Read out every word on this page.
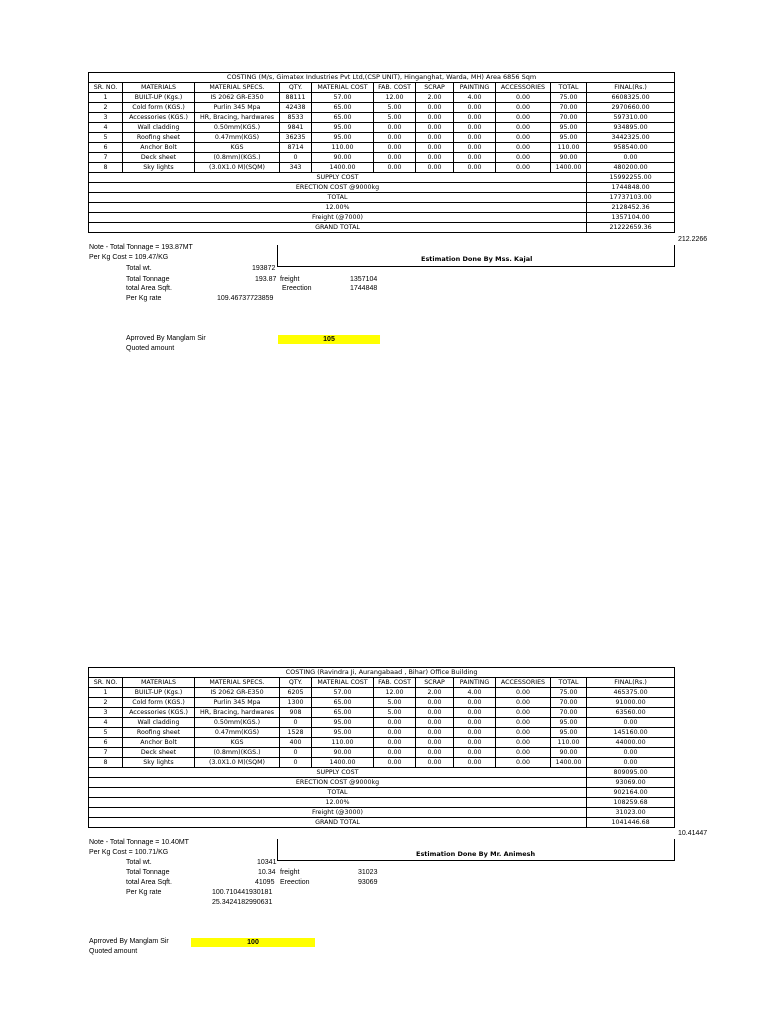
COSTING (M/s, Gimatex Industries Pvt Ltd,(CSP UNIT), Hinganghat, Warda, MH) Area 6856 Sqm										
SR. NO.	MATERIALS	MATERIAL SPECS.	QTY.	MATERIAL COST	FAB. COST	SCRAP	PAINTING	ACCESSORIES	TOTAL	FINAL(Rs.)
1	BUILT-UP (Kgs.)	IS 2062 GR-E350	88111	57.00	12.00	2.00	4.00	0.00	75.00	6608325.00
2	Cold form (KGS.)	Purlin 345 Mpa	42438	65.00	5.00	0.00	0.00	0.00	70.00	2970660.00
3	Accessories (KGS.)	HR, Bracing, hardwares	8533	65.00	5.00	0.00	0.00	0.00	70.00	597310.00
4	Wall cladding	0.50mm(KGS.)	9841	95.00	0.00	0.00	0.00	0.00	95.00	934895.00
5	Roofing sheet	0.47mm(KGS)	36235	95.00	0.00	0.00	0.00	0.00	95.00	3442325.00
6	Anchor Bolt	KGS	8714	110.00	0.00	0.00	0.00	0.00	110.00	958540.00
7	Deck sheet	(0.8mm)(KGS.)	0	90.00	0.00	0.00	0.00	0.00	90.00	0.00
8	Sky lights	(3.0X1.0 M)(SQM)	343	1400.00	0.00	0.00	0.00	0.00	1400.00	480200.00
SUPPLY COST										15992255.00
ERECTION COST @9000kg										1744848.00
TOTAL										17737103.00
12.00%										2128452.36
Freight (@7000)										1357104.00
GRAND TOTAL										21222659.36
212.2266
Note - Total Tonnage = 193.87MT
Per Kg Cost = 109.47/KG	Estimation Done By Mss. Kajal
Total wt.	193872
Total Tonnage	193.87 freight	1357104
total Area Sqft.	Ereection	1744848
Per Kg rate	109.46737723859
Aprroved By Manglam Sir	105
Quoted amount
COSTING (Ravindra Ji, Aurangabaad , Bihar) Office Building										
SR. NO.	MATERIALS	MATERIAL SPECS.	QTY.	MATERIAL COST	FAB. COST	SCRAP	PAINTING	ACCESSORIES	TOTAL	FINAL(Rs.)
1	BUILT-UP (Kgs.)	IS 2062 GR-E350	6205	57.00	12.00	2.00	4.00	0.00	75.00	465375.00
2	Cold form (KGS.)	Purlin 345 Mpa	1300	65.00	5.00	0.00	0.00	0.00	70.00	91000.00
3	Accessories (KGS.)	HR, Bracing, hardwares	908	65.00	5.00	0.00	0.00	0.00	70.00	63560.00
4	Wall cladding	0.50mm(KGS.)	0	95.00	0.00	0.00	0.00	0.00	95.00	0.00
5	Roofing sheet	0.47mm(KGS)	1528	95.00	0.00	0.00	0.00	0.00	95.00	145160.00
6	Anchor Bolt	KGS	400	110.00	0.00	0.00	0.00	0.00	110.00	44000.00
7	Deck sheet	(0.8mm)(KGS.)	0	90.00	0.00	0.00	0.00	0.00	90.00	0.00
8	Sky lights	(3.0X1.0 M)(SQM)	0	1400.00	0.00	0.00	0.00	0.00	1400.00	0.00
SUPPLY COST										809095.00
ERECTION COST @9000kg										93069.00
TOTAL										902164.00
12.00%										108259.68
Freight (@3000)										31023.00
GRAND TOTAL										1041446.68
10.41447
Note - Total Tonnage = 10.40MT
Per Kg Cost = 100.71/KG	Estimation Done By Mr. Animesh
Total wt.	10341
Total Tonnage	10.34 freight	31023
total Area Sqft.	41095 Ereection	93069
Per Kg rate	100.710441930181
25.3424182990631
Aprroved By Manglam Sir	100
Quoted amount
